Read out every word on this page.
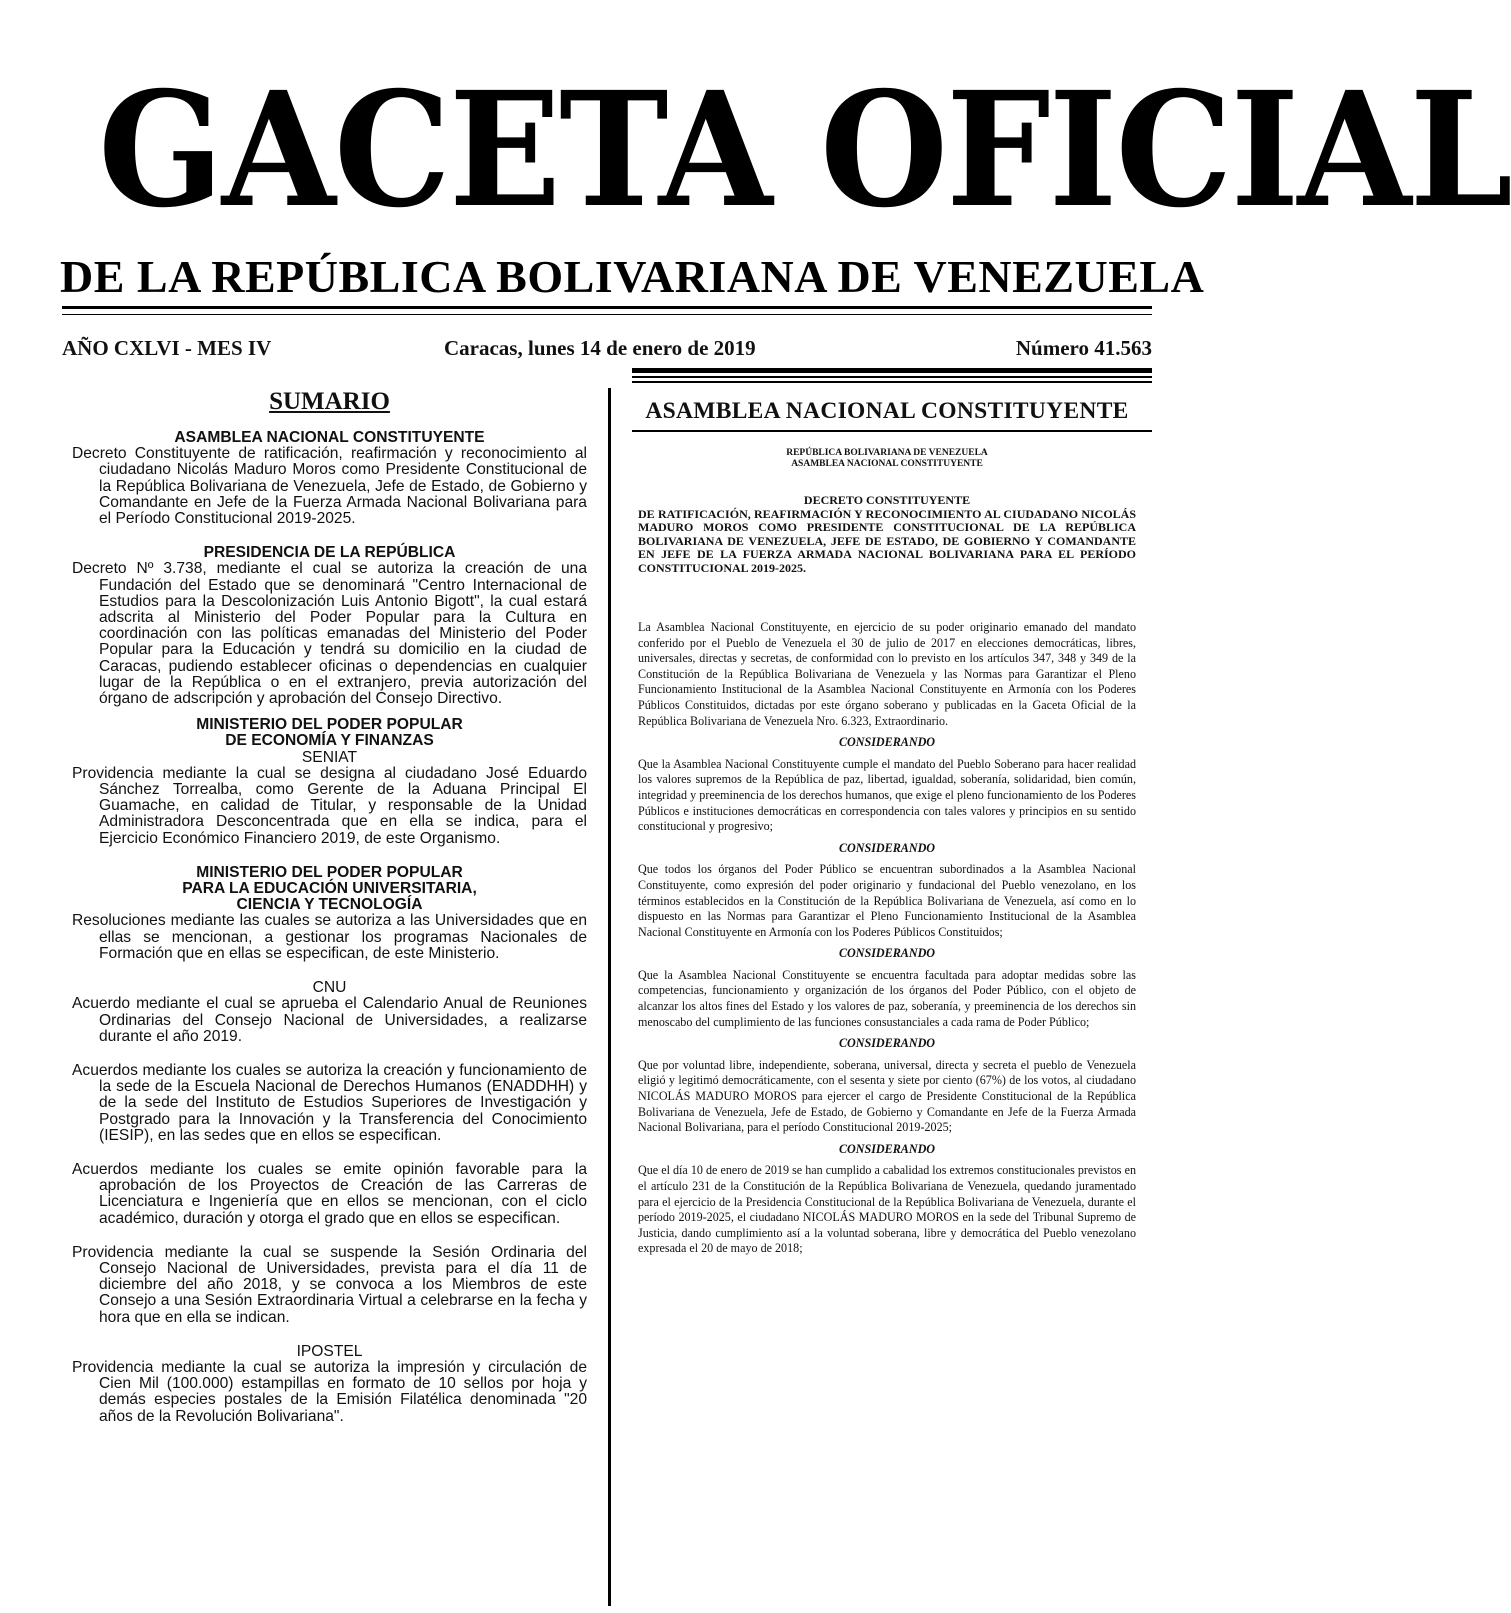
GACETA OFICIAL
DE LA REPÚBLICA BOLIVARIANA DE VENEZUELA
AÑO CXLVI - MES IV	Caracas, lunes 14 de enero de 2019	Número 41.563
SUMARIO

ASAMBLEA NACIONAL CONSTITUYENTE

Decreto Constituyente de ratificación, reafirmación y reconocimiento al ciudadano Nicolás Maduro Moros como Presidente Constitucional de la República Bolivariana de Venezuela, Jefe de Estado, de Gobierno y Comandante en Jefe de la Fuerza Armada Nacional Bolivariana para el Período Constitucional 2019-2025.

PRESIDENCIA DE LA REPÚBLICA

Decreto Nº 3.738, mediante el cual se autoriza la creación de una Fundación del Estado que se denominará "Centro Internacional de Estudios para la Descolonización Luis Antonio Bigott", la cual estará adscrita al Ministerio del Poder Popular para la Cultura en coordinación con las políticas emanadas del Ministerio del Poder Popular para la Educación y tendrá su domicilio en la ciudad de Caracas, pudiendo establecer oficinas o dependencias en cualquier lugar de la República o en el extranjero, previa autorización del órgano de adscripción y aprobación del Consejo Directivo.

MINISTERIO DEL PODER POPULAR
DE ECONOMÍA Y FINANZAS

SENIAT

Providencia mediante la cual se designa al ciudadano José Eduardo Sánchez Torrealba, como Gerente de la Aduana Principal El Guamache, en calidad de Titular, y responsable de la Unidad Administradora Desconcentrada que en ella se indica, para el Ejercicio Económico Financiero 2019, de este Organismo.

MINISTERIO DEL PODER POPULAR
PARA LA EDUCACIÓN UNIVERSITARIA,
CIENCIA Y TECNOLOGÍA

Resoluciones mediante las cuales se autoriza a las Universidades que en ellas se mencionan, a gestionar los programas Nacionales de Formación que en ellas se especifican, de este Ministerio.

CNU

Acuerdo mediante el cual se aprueba el Calendario Anual de Reuniones Ordinarias del Consejo Nacional de Universidades, a realizarse durante el año 2019.

Acuerdos mediante los cuales se autoriza la creación y funcionamiento de la sede de la Escuela Nacional de Derechos Humanos (ENADDHH) y de la sede del Instituto de Estudios Superiores de Investigación y Postgrado para la Innovación y la Transferencia del Conocimiento (IESIP), en las sedes que en ellos se especifican.

Acuerdos mediante los cuales se emite opinión favorable para la aprobación de los Proyectos de Creación de las Carreras de Licenciatura e Ingeniería que en ellos se mencionan, con el ciclo académico, duración y otorga el grado que en ellos se especifican.

Providencia mediante la cual se suspende la Sesión Ordinaria del Consejo Nacional de Universidades, prevista para el día 11 de diciembre del año 2018, y se convoca a los Miembros de este Consejo a una Sesión Extraordinaria Virtual a celebrarse en la fecha y hora que en ella se indican.

IPOSTEL

Providencia mediante la cual se autoriza la impresión y circulación de Cien Mil (100.000) estampillas en formato de 10 sellos por hoja y demás especies postales de la Emisión Filatélica denominada "20 años de la Revolución Bolivariana".

ASAMBLEA NACIONAL CONSTITUYENTE
REPÚBLICA BOLIVARIANA DE VENEZUELA
ASAMBLEA NACIONAL CONSTITUYENTE
DECRETO CONSTITUYENTE
DE RATIFICACIÓN, REAFIRMACIÓN Y RECONOCIMIENTO AL CIUDADANO NICOLÁS MADURO MOROS COMO PRESIDENTE CONSTITUCIONAL DE LA REPÚBLICA BOLIVARIANA DE VENEZUELA, JEFE DE ESTADO, DE GOBIERNO Y COMANDANTE EN JEFE DE LA FUERZA ARMADA NACIONAL BOLIVARIANA PARA EL PERÍODO CONSTITUCIONAL 2019-2025.

La Asamblea Nacional Constituyente, en ejercicio de su poder originario emanado del mandato conferido por el Pueblo de Venezuela el 30 de julio de 2017 en elecciones democráticas, libres, universales, directas y secretas, de conformidad con lo previsto en los artículos 347, 348 y 349 de la Constitución de la República Bolivariana de Venezuela y las Normas para Garantizar el Pleno Funcionamiento Institucional de la Asamblea Nacional Constituyente en Armonía con los Poderes Públicos Constituidos, dictadas por este órgano soberano y publicadas en la Gaceta Oficial de la República Bolivariana de Venezuela Nro. 6.323, Extraordinario.

CONSIDERANDO

Que la Asamblea Nacional Constituyente cumple el mandato del Pueblo Soberano para hacer realidad los valores supremos de la República de paz, libertad, igualdad, soberanía, solidaridad, bien común, integridad y preeminencia de los derechos humanos, que exige el pleno funcionamiento de los Poderes Públicos e instituciones democráticas en correspondencia con tales valores y principios en su sentido constitucional y progresivo;

CONSIDERANDO

Que todos los órganos del Poder Público se encuentran subordinados a la Asamblea Nacional Constituyente, como expresión del poder originario y fundacional del Pueblo venezolano, en los términos establecidos en la Constitución de la República Bolivariana de Venezuela, así como en lo dispuesto en las Normas para Garantizar el Pleno Funcionamiento Institucional de la Asamblea Nacional Constituyente en Armonía con los Poderes Públicos Constituidos;

CONSIDERANDO

Que la Asamblea Nacional Constituyente se encuentra facultada para adoptar medidas sobre las competencias, funcionamiento y organización de los órganos del Poder Público, con el objeto de alcanzar los altos fines del Estado y los valores de paz, soberanía, y preeminencia de los derechos sin menoscabo del cumplimiento de las funciones consustanciales a cada rama de Poder Público;

CONSIDERANDO

Que por voluntad libre, independiente, soberana, universal, directa y secreta el pueblo de Venezuela eligió y legitimó democráticamente, con el sesenta y siete por ciento (67%) de los votos, al ciudadano NICOLÁS MADURO MOROS para ejercer el cargo de Presidente Constitucional de la República Bolivariana de Venezuela, Jefe de Estado, de Gobierno y Comandante en Jefe de la Fuerza Armada Nacional Bolivariana, para el período Constitucional 2019-2025;

CONSIDERANDO

Que el día 10 de enero de 2019 se han cumplido a cabalidad los extremos constitucionales previstos en el artículo 231 de la Constitución de la República Bolivariana de Venezuela, quedando juramentado para el ejercicio de la Presidencia Constitucional de la República Bolivariana de Venezuela, durante el período 2019-2025, el ciudadano NICOLÁS MADURO MOROS en la sede del Tribunal Supremo de Justicia, dando cumplimiento así a la voluntad soberana, libre y democrática del Pueblo venezolano expresada el 20 de mayo de 2018;
